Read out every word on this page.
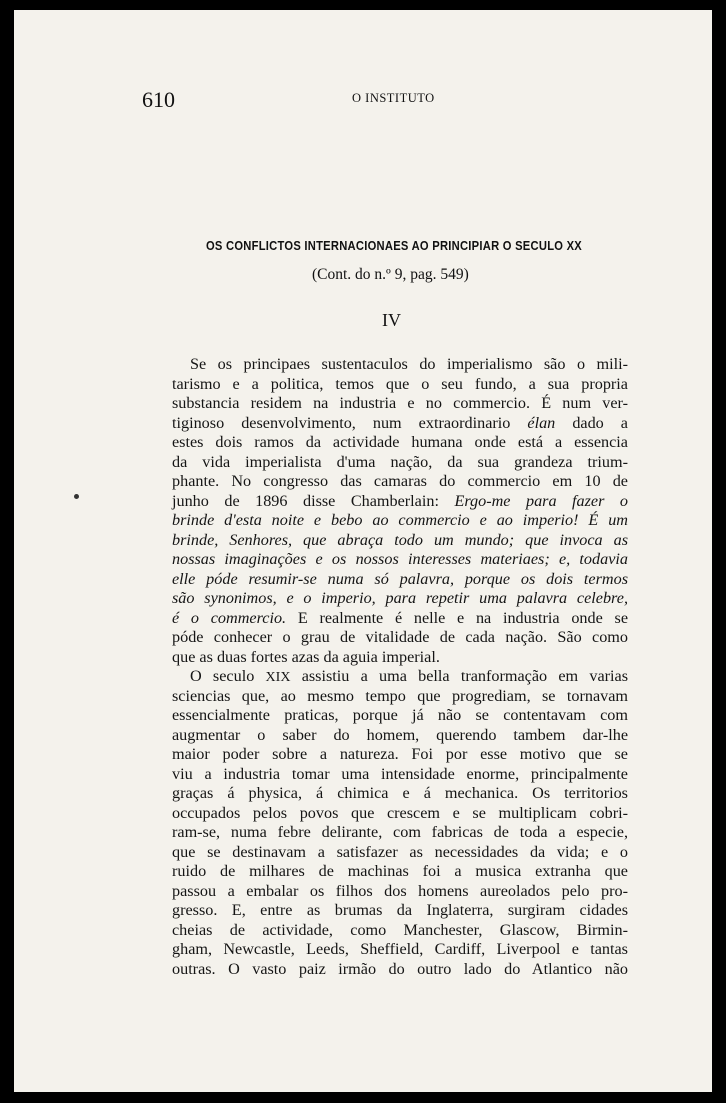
610	O INSTITUTO
OS CONFLICTOS INTERNACIONAES AO PRINCIPIAR O SECULO XX
(Cont. do n.º 9, pag. 549)
IV
Se os principaes sustentaculos do imperialismo são o mili-
tarismo e a politica, temos que o seu fundo, a sua propria
substancia residem na industria e no commercio. É num ver-
tiginoso desenvolvimento, num extraordinario élan dado a
estes dois ramos da actividade humana onde está a essencia
da vida imperialista d'uma nação, da sua grandeza trium-
phante. No congresso das camaras do commercio em 10 de
junho de 1896 disse Chamberlain: Ergo-me para fazer o
brinde d'esta noite e bebo ao commercio e ao imperio! É um
brinde, Senhores, que abraça todo um mundo; que invoca as
nossas imaginações e os nossos interesses materiaes; e, todavia
elle póde resumir-se numa só palavra, porque os dois termos
são synonimos, e o imperio, para repetir uma palavra celebre,
é o commercio. E realmente é nelle e na industria onde se
póde conhecer o grau de vitalidade de cada nação. São como
que as duas fortes azas da aguia imperial.
O seculo XIX assistiu a uma bella tranformação em varias
sciencias que, ao mesmo tempo que progrediam, se tornavam
essencialmente praticas, porque já não se contentavam com
augmentar o saber do homem, querendo tambem dar-lhe
maior poder sobre a natureza. Foi por esse motivo que se
viu a industria tomar uma intensidade enorme, principalmente
graças á physica, á chimica e á mechanica. Os territorios
occupados pelos povos que crescem e se multiplicam cobri-
ram-se, numa febre delirante, com fabricas de toda a especie,
que se destinavam a satisfazer as necessidades da vida; e o
ruido de milhares de machinas foi a musica extranha que
passou a embalar os filhos dos homens aureolados pelo pro-
gresso. E, entre as brumas da Inglaterra, surgiram cidades
cheias de actividade, como Manchester, Glascow, Birmin-
gham, Newcastle, Leeds, Sheffield, Cardiff, Liverpool e tantas
outras. O vasto paiz irmão do outro lado do Atlantico não
